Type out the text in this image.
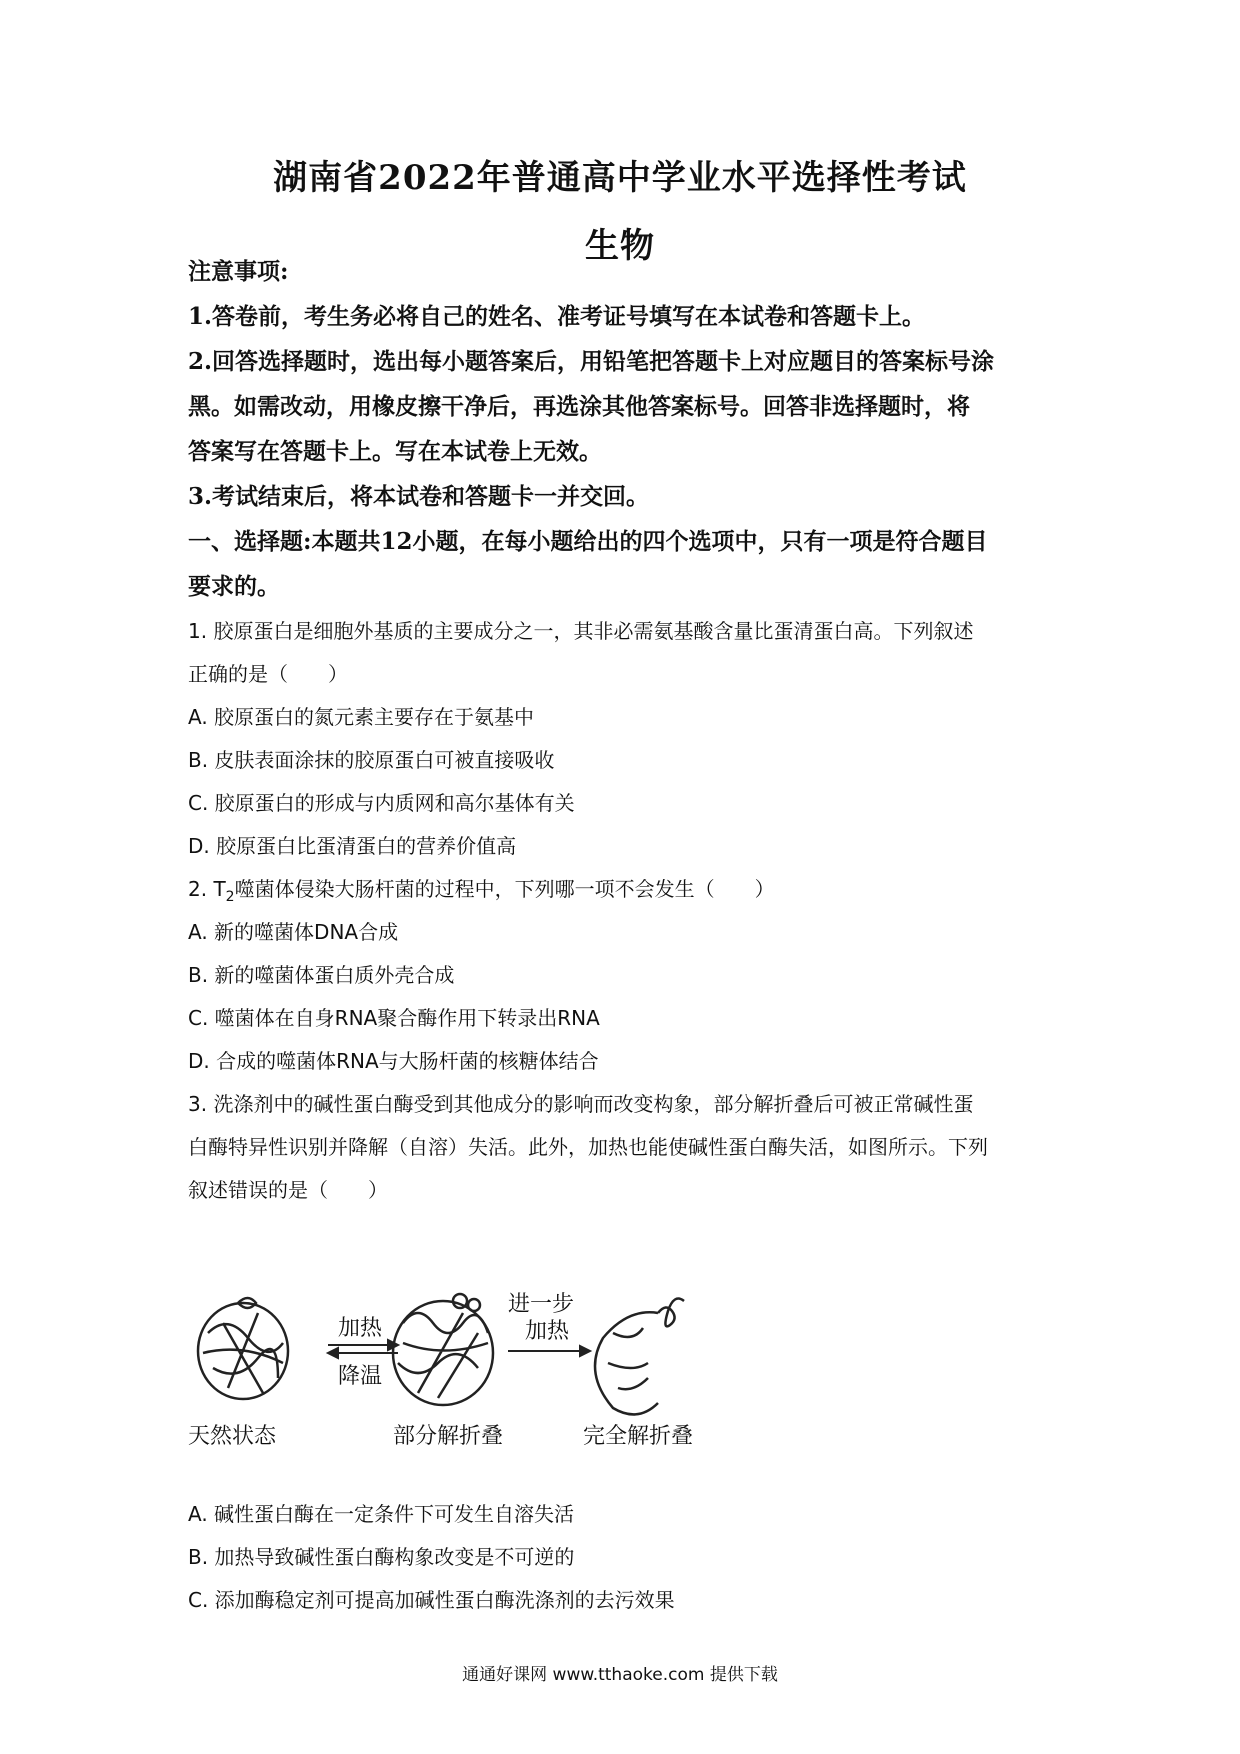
湖南省2022年普通高中学业水平选择性考试
生物
注意事项:
1.答卷前，考生务必将自己的姓名、准考证号填写在本试卷和答题卡上。
2.回答选择题时，选出每小题答案后，用铅笔把答题卡上对应题目的答案标号涂
黑。如需改动，用橡皮擦干净后，再选涂其他答案标号。回答非选择题时，将
答案写在答题卡上。写在本试卷上无效。
3.考试结束后，将本试卷和答题卡一并交回。
一、选择题:本题共12小题，在每小题给出的四个选项中，只有一项是符合题目
要求的。
1. 胶原蛋白是细胞外基质的主要成分之一，其非必需氨基酸含量比蛋清蛋白高。下列叙述
正确的是（　　）
A. 胶原蛋白的氮元素主要存在于氨基中
B. 皮肤表面涂抹的胶原蛋白可被直接吸收
C. 胶原蛋白的形成与内质网和高尔基体有关
D. 胶原蛋白比蛋清蛋白的营养价值高
2. $T_2$噬菌体侵染大肠杆菌的过程中，下列哪一项不会发生（　　）
A. 新的噬菌体DNA合成
B. 新的噬菌体蛋白质外壳合成
C. 噬菌体在自身RNA聚合酶作用下转录出RNA
D. 合成的噬菌体RNA与大肠杆菌的核糖体结合
3. 洗涤剂中的碱性蛋白酶受到其他成分的影响而改变构象，部分解折叠后可被正常碱性蛋
白酶特异性识别并降解（自溶）失活。此外，加热也能使碱性蛋白酶失活，如图所示。下列
叙述错误的是（　　）
加热
降温
进一步
加热
天然状态	部分解折叠	完全解折叠
A. 碱性蛋白酶在一定条件下可发生自溶失活
B. 加热导致碱性蛋白酶构象改变是不可逆的
C. 添加酶稳定剂可提高加碱性蛋白酶洗涤剂的去污效果
通通好课网 www.tthaoke.com 提供下载
